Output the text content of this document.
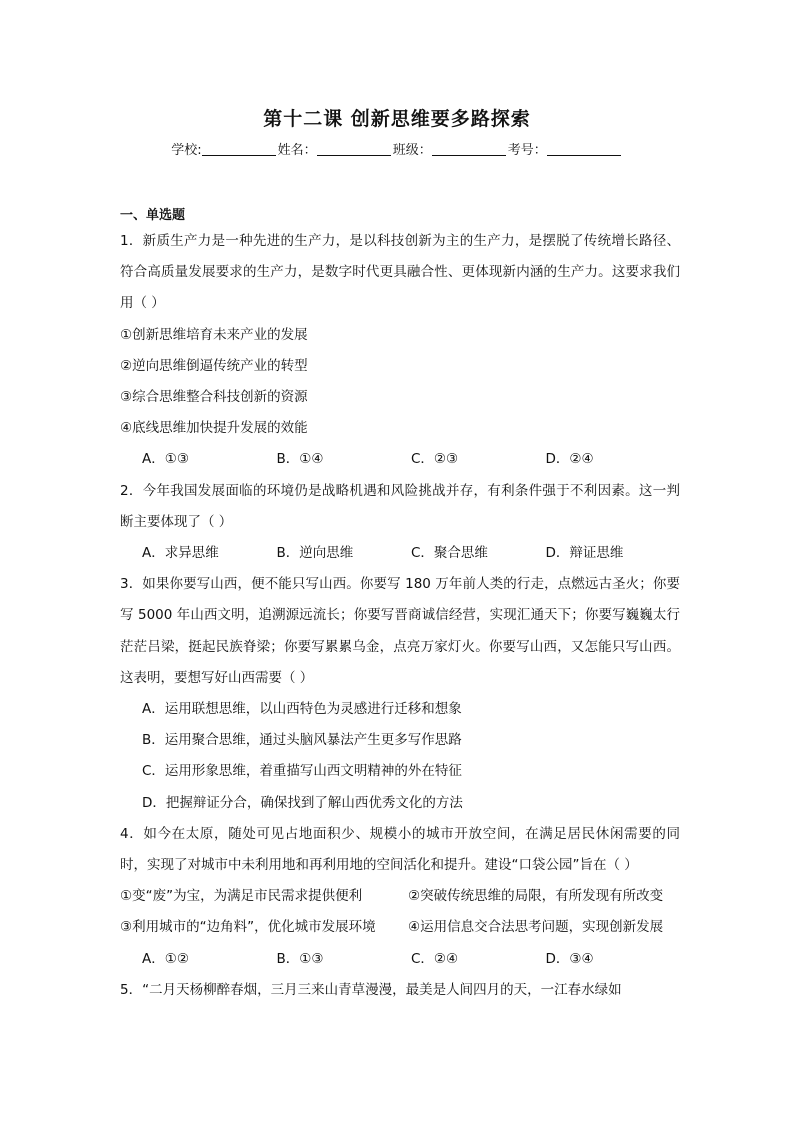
第十二课 创新思维要多路探索
学校:	姓名：	班级：	考号：
一、单选题

1．新质生产力是一种先进的生产力，是以科技创新为主的生产力，是摆脱了传统增长路径、符合高质量发展要求的生产力，是数字时代更具融合性、更体现新内涵的生产力。这要求我们用（ ）

①创新思维培育未来产业的发展

②逆向思维倒逼传统产业的转型

③综合思维整合科技创新的资源

④底线思维加快提升发展的效能

A．①③	B．①④	C．②③	D．②④

2．今年我国发展面临的环境仍是战略机遇和风险挑战并存，有利条件强于不利因素。这一判断主要体现了（ ）

A．求异思维	B．逆向思维	C．聚合思维	D．辩证思维

3．如果你要写山西，便不能只写山西。你要写 180 万年前人类的行走，点燃远古圣火；你要写 5000 年山西文明，追溯源远流长；你要写晋商诚信经营，实现汇通天下；你要写巍巍太行茫茫吕梁，挺起民族脊梁；你要写累累乌金，点亮万家灯火。你要写山西，又怎能只写山西。这表明，要想写好山西需要（ ）

A．运用联想思维，以山西特色为灵感进行迁移和想象

B．运用聚合思维，通过头脑风暴法产生更多写作思路

C．运用形象思维，着重描写山西文明精神的外在特征

D．把握辩证分合，确保找到了解山西优秀文化的方法

4．如今在太原，随处可见占地面积少、规模小的城市开放空间，在满足居民休闲需要的同时，实现了对城市中未利用地和再利用地的空间活化和提升。建设“口袋公园”旨在（ ）

①变“废”为宝，为满足市民需求提供便利	②突破传统思维的局限，有所发现有所改变
③利用城市的“边角料”，优化城市发展环境	④运用信息交合法思考问题，实现创新发展
A．①②	B．①③	C．②④	D．③④

5．“二月天杨柳醉春烟，三月三来山青草漫漫，最美是人间四月的天，一江春水绿如
